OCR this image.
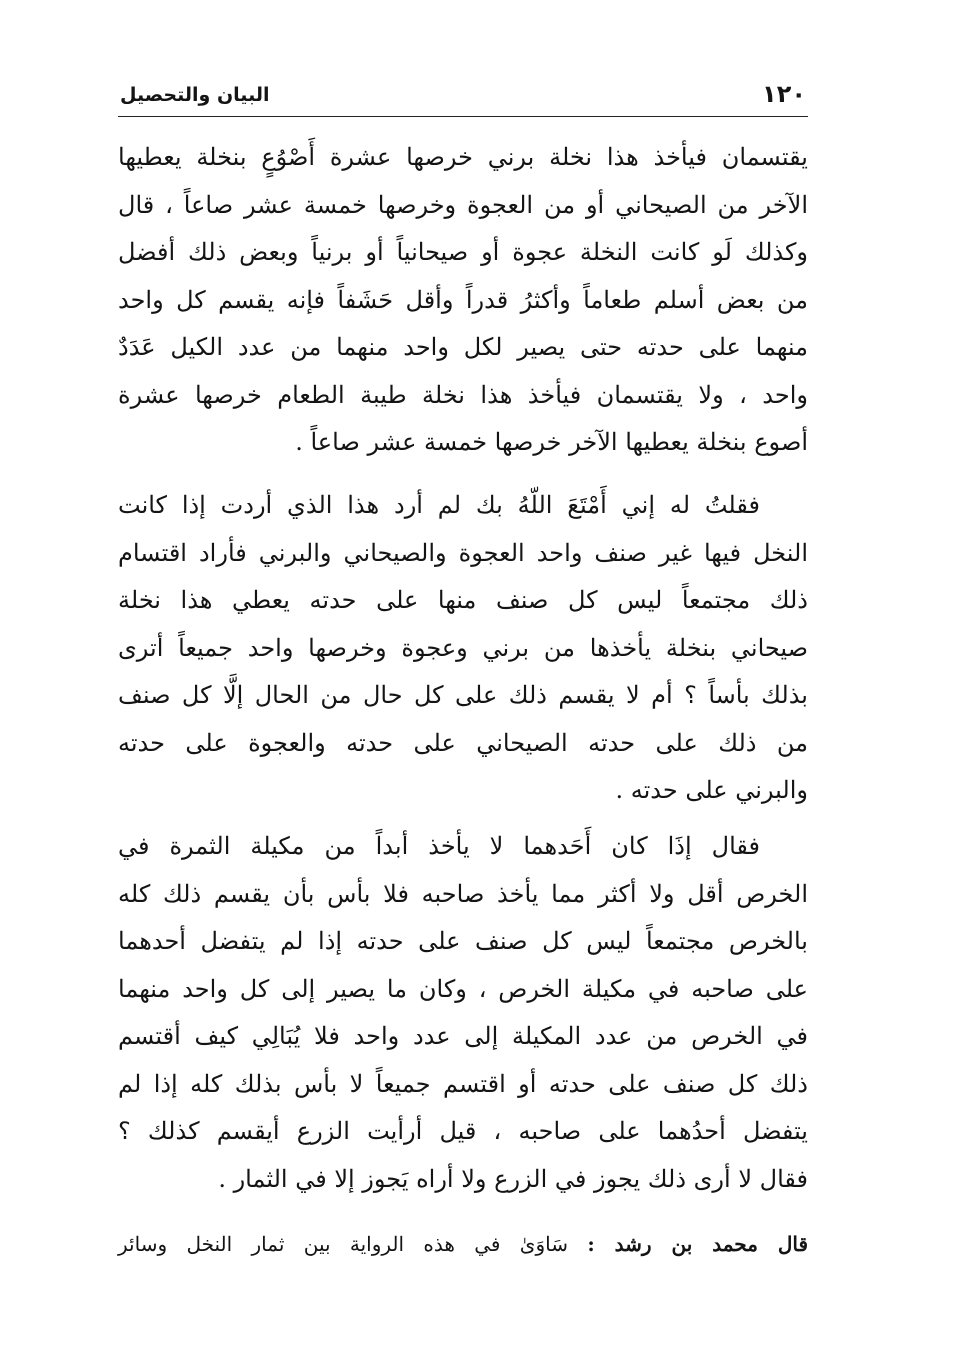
١٢٠
البيان والتحصيل
يقتسمان فيأخذ هذا نخلة برني خرصها عشرة أَصْوُعٍ بنخلة يعطيها
الآخر من الصيحاني أو من العجوة وخرصها خمسة عشر صاعاً ، قال
وكذلك لَو كانت النخلة عجوة أو صيحانياً أو برنياً وبعض ذلك أفضل
من بعض أسلم طعاماً وأكثرُ قدراً وأقل حَشَفاً فإنه يقسم كل واحد
منهما على حدته حتى يصير لكل واحد منهما من عدد الكيل عَدَدٌ
واحد ، ولا يقتسمان فيأخذ هذا نخلة طيبة الطعام خرصها عشرة
أصوع بنخلة يعطيها الآخر خرصها خمسة عشر صاعاً .
فقلتُ له إني أَمْتَعَ اللّهُ بك لم أرد هذا الذي أردت إذا كانت
النخل فيها غير صنف واحد العجوة والصيحاني والبرني فأراد اقتسام
ذلك مجتمعاً ليس كل صنف منها على حدته يعطي هذا نخلة
صيحاني بنخلة يأخذها من برني وعجوة وخرصها واحد جميعاً أترى
بذلك بأساً ؟ أم لا يقسم ذلك على كل حال من الحال إلَّا كل صنف
من ذلك على حدته الصيحاني على حدته والعجوة على حدته
والبرني على حدته .
فقال إذَا كان أَحَدهما لا يأخذ أبداً من مكيلة الثمرة في
الخرص أقل ولا أكثر مما يأخذ صاحبه فلا بأس بأن يقسم ذلك كله
بالخرص مجتمعاً ليس كل صنف على حدته إذا لم يتفضل أحدهما
على صاحبه في مكيلة الخرص ، وكان ما يصير إلى كل واحد منهما
في الخرص من عدد المكيلة إلى عدد واحد فلا يُبَالِي كيف أقتسم
ذلك كل صنف على حدته أو اقتسم جميعاً لا بأس بذلك كله إذا لم
يتفضل أحدُهما على صاحبه ، قيل أرأيت الزرع أيقسم كذلك ؟
فقال لا أرى ذلك يجوز في الزرع ولا أراه يَجوز إلا في الثمار .
قال محمد بن رشد : سَاوَىٰ في هذه الرواية بين ثمار النخل وسائر
